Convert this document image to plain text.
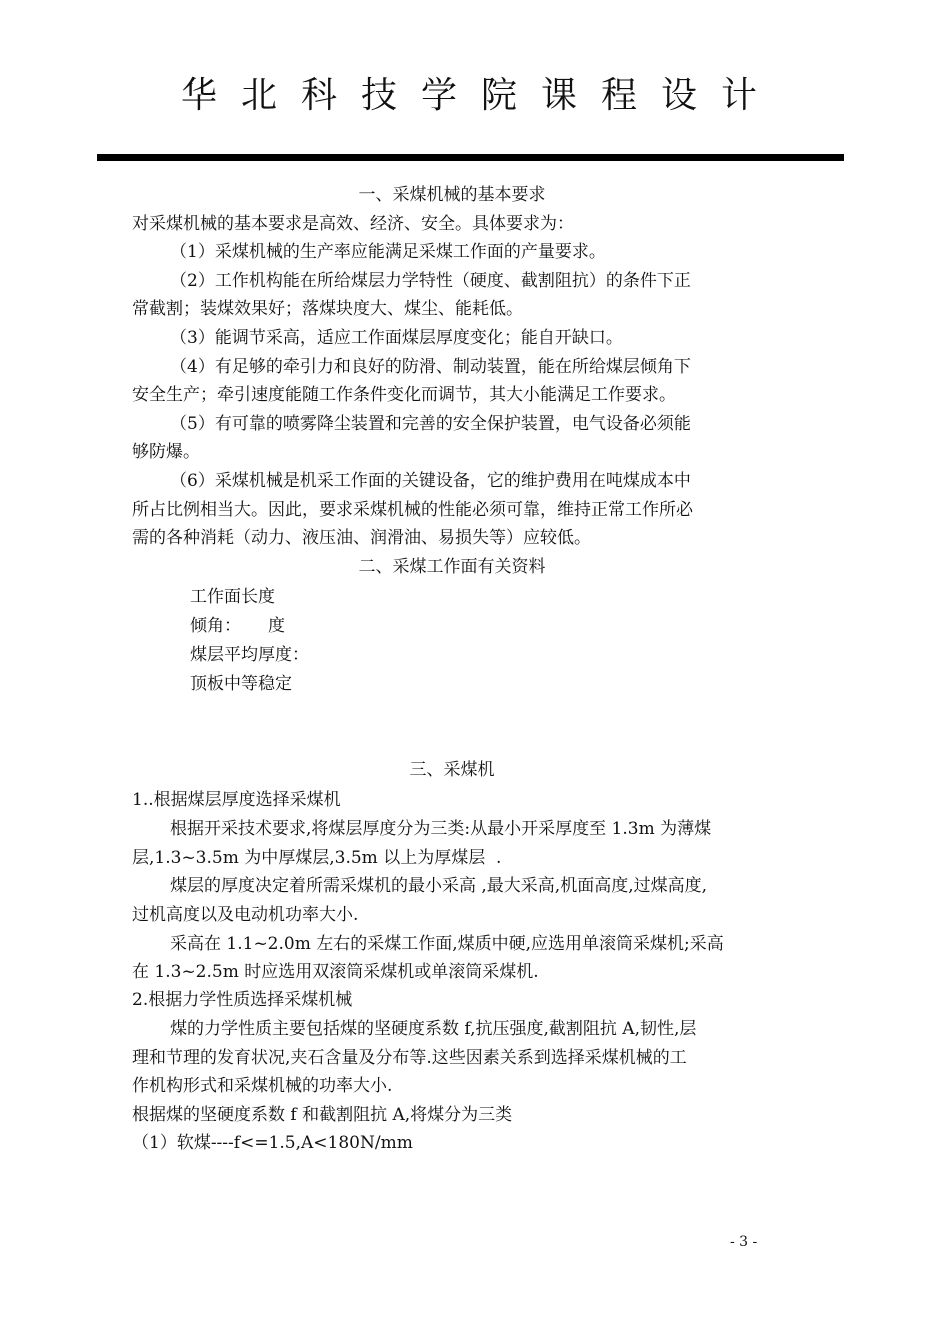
华北科技学院课程设计
一、采煤机械的基本要求
对采煤机械的基本要求是高效、经济、安全。具体要求为：
（1）采煤机械的生产率应能满足采煤工作面的产量要求。
（2）工作机构能在所给煤层力学特性（硬度、截割阻抗）的条件下正
常截割；装煤效果好；落煤块度大、煤尘、能耗低。
（3）能调节采高，适应工作面煤层厚度变化；能自开缺口。
（4）有足够的牵引力和良好的防滑、制动装置，能在所给煤层倾角下
安全生产；牵引速度能随工作条件变化而调节，其大小能满足工作要求。
（5）有可靠的喷雾降尘装置和完善的安全保护装置，电气设备必须能
够防爆。
（6）采煤机械是机采工作面的关键设备，它的维护费用在吨煤成本中
所占比例相当大。因此，要求采煤机械的性能必须可靠，维持正常工作所必
需的各种消耗（动力、液压油、润滑油、易损失等）应较低。
二、采煤工作面有关资料
工作面长度
倾角：     度
煤层平均厚度：
顶板中等稳定
三、采煤机
1..根据煤层厚度选择采煤机
根据开采技术要求,将煤层厚度分为三类:从最小开采厚度至 1.3m 为薄煤
层,1.3~3.5m 为中厚煤层,3.5m 以上为厚煤层  .
煤层的厚度决定着所需采煤机的最小采高 ,最大采高,机面高度,过煤高度,
过机高度以及电动机功率大小.
采高在 1.1~2.0m 左右的采煤工作面,煤质中硬,应选用单滚筒采煤机;采高
在 1.3~2.5m 时应选用双滚筒采煤机或单滚筒采煤机.
2.根据力学性质选择采煤机械
煤的力学性质主要包括煤的坚硬度系数 f,抗压强度,截割阻抗 A,韧性,层
理和节理的发育状况,夹石含量及分布等.这些因素关系到选择采煤机械的工
作机构形式和采煤机械的功率大小.
根据煤的坚硬度系数 f 和截割阻抗 A,将煤分为三类
（1）软煤----f<=1.5,A<180N/mm
- 3 -
